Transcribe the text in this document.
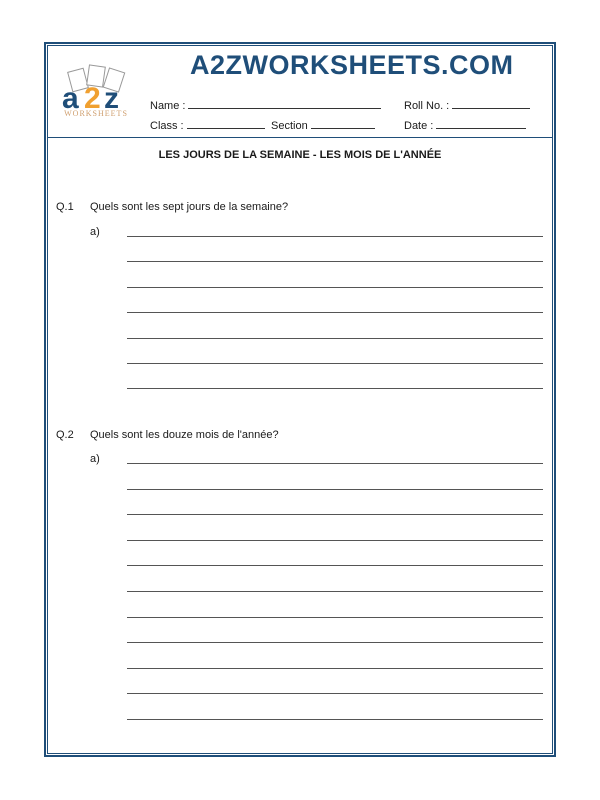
a 2 z
WORKSHEETS
A2ZWORKSHEETS.COM
Name :	Roll No. :
Class :	Section	Date :
LES JOURS DE LA SEMAINE - LES MOIS DE L'ANNÉE
Q.1 Quels sont les sept jours de la semaine?
a)
Q.2 Quels sont les douze mois de l'année?
a)
